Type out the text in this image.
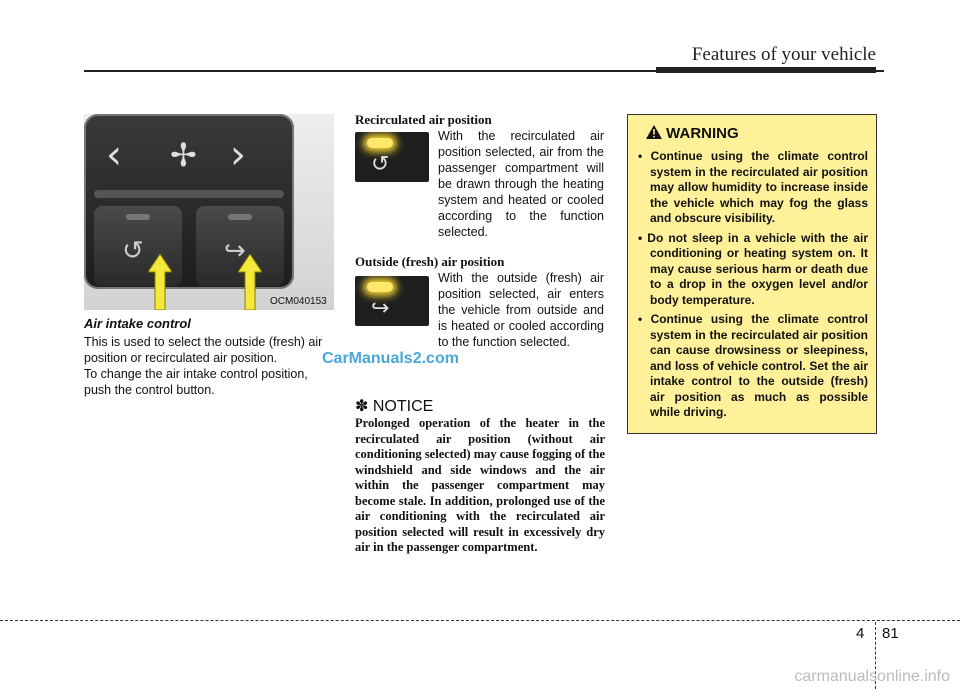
Features of your vehicle
‹ ✢ ›
↺	↪
OCM040153
Air intake control
This is used to select the outside (fresh) air position or recirculated air position.
To change the air intake control position, push the control button.
Recirculated air position
↺
With the recirculated air position selected, air from the passenger compartment will be drawn through the heating system and heated or cooled according to the function selected.
Outside (fresh) air position
↪
With the outside (fresh) air position selected, air enters the vehicle from outside and is heated or cooled according to the function selected.
✽ NOTICE
Prolonged operation of the heater in the recirculated air position (without air conditioning selected) may cause fogging of the windshield and side windows and the air within the passenger compartment may become stale. In addition, prolonged use of the air conditioning with the recirculated air position selected will result in excessively dry air in the passenger compartment.
WARNING
• Continue using the climate control system in the recirculated air position may allow humidity to increase inside the vehicle which may fog the glass and obscure visibility.
• Do not sleep in a vehicle with the air conditioning or heating system on. It may cause serious harm or death due to a drop in the oxygen level and/or body temperature.
• Continue using the climate control system in the recirculated air position can cause drowsiness or sleepiness, and loss of vehicle control. Set the air intake control to the outside (fresh) air position as much as possible while driving.
CarManuals2.com
4 81
carmanualsonline.info
